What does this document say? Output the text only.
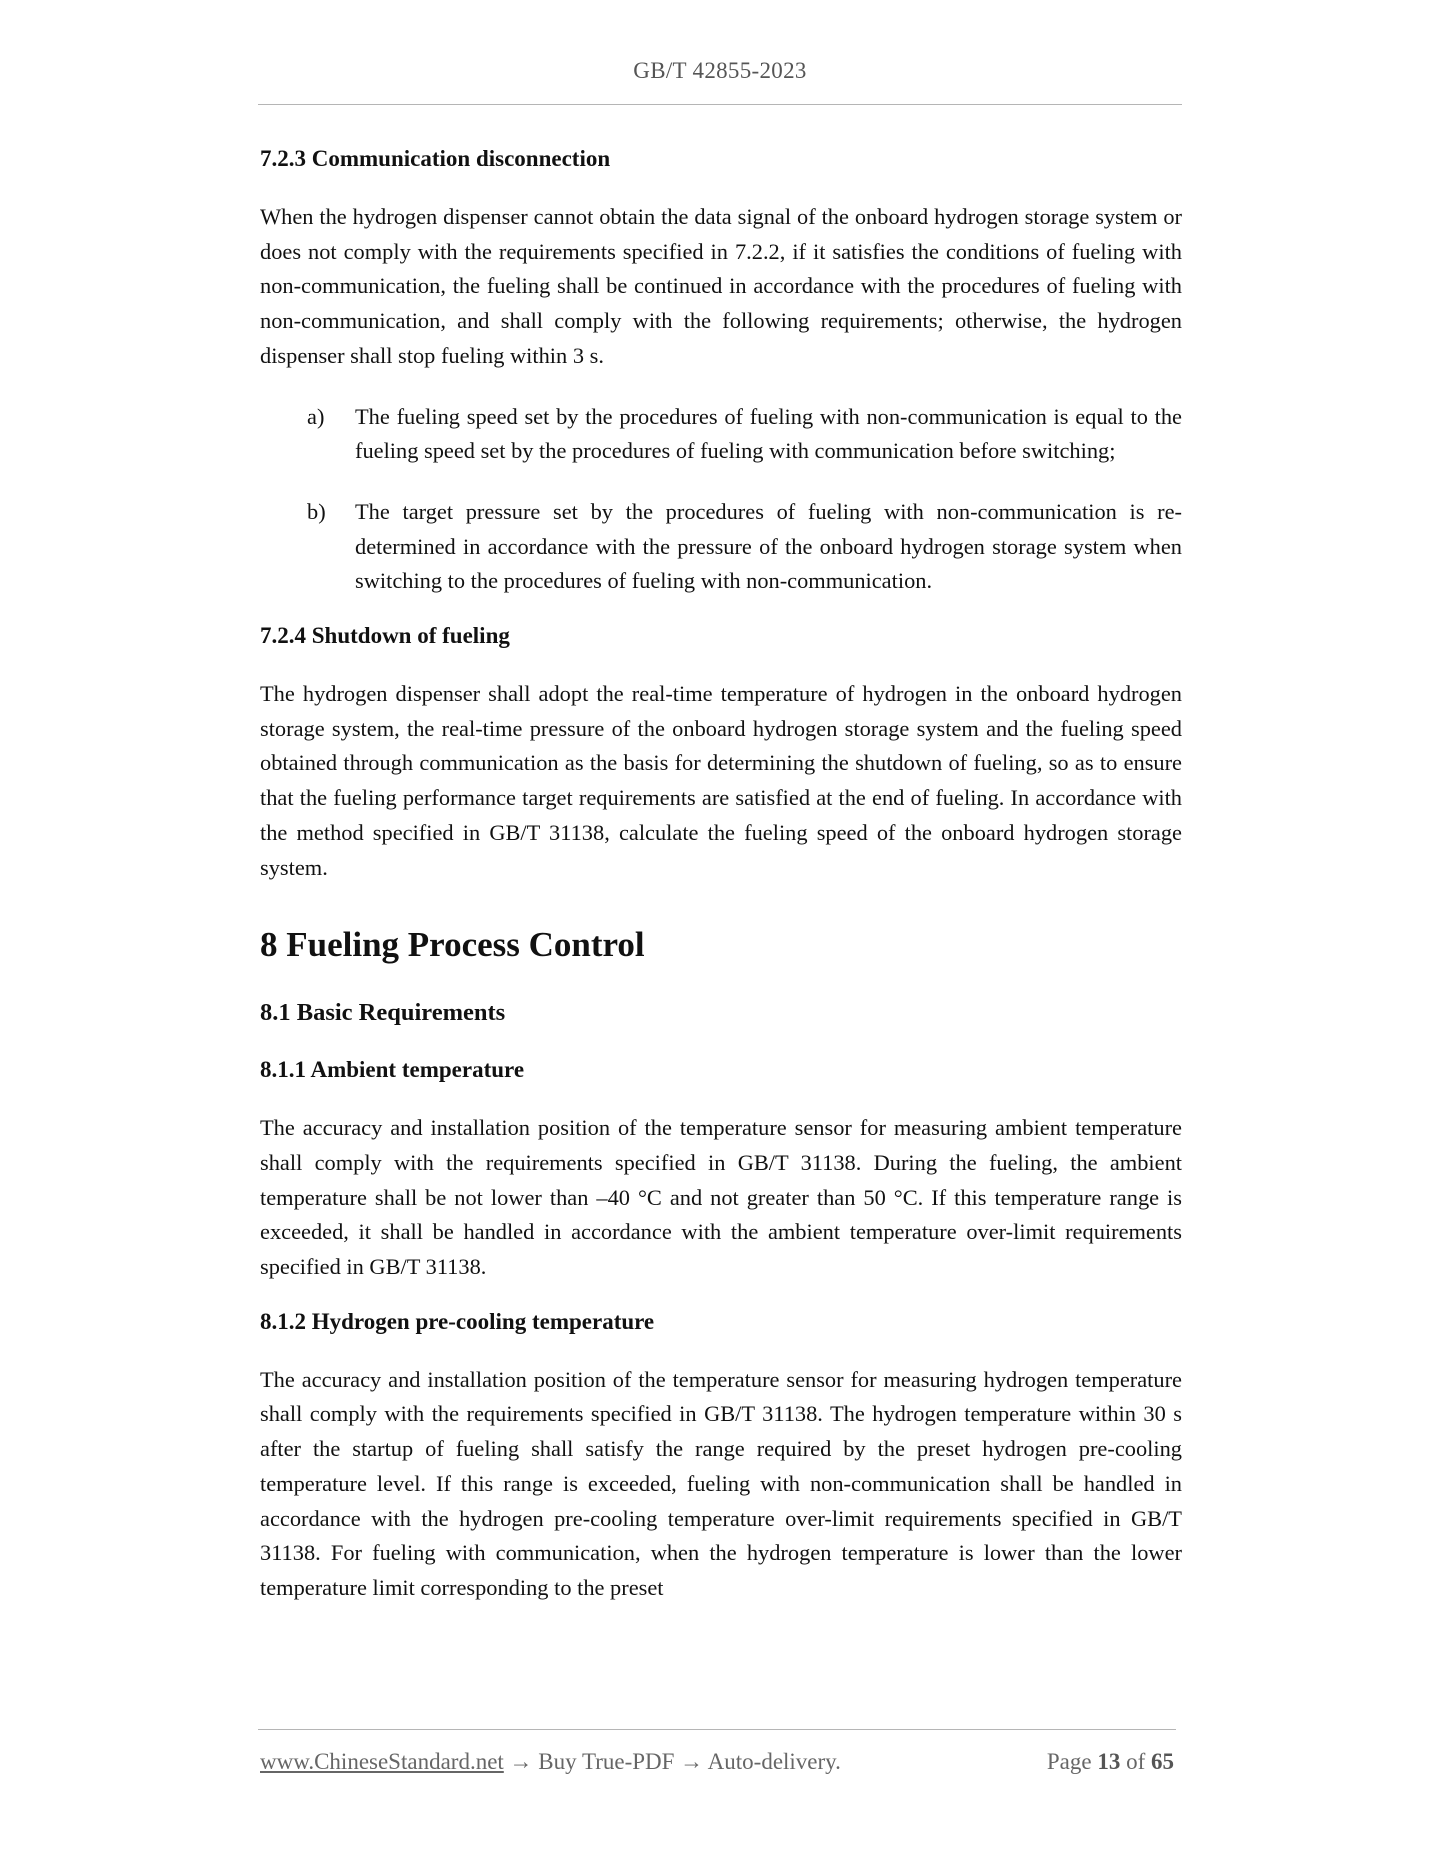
GB/T 42855-2023
7.2.3 Communication disconnection

When the hydrogen dispenser cannot obtain the data signal of the onboard hydrogen storage system or does not comply with the requirements specified in 7.2.2, if it satisfies the conditions of fueling with non-communication, the fueling shall be continued in accordance with the procedures of fueling with non-communication, and shall comply with the following requirements; otherwise, the hydrogen dispenser shall stop fueling within 3 s.

a) The fueling speed set by the procedures of fueling with non-communication is equal to the fueling speed set by the procedures of fueling with communication before switching;

b) The target pressure set by the procedures of fueling with non-communication is re-determined in accordance with the pressure of the onboard hydrogen storage system when switching to the procedures of fueling with non-communication.

7.2.4 Shutdown of fueling

The hydrogen dispenser shall adopt the real-time temperature of hydrogen in the onboard hydrogen storage system, the real-time pressure of the onboard hydrogen storage system and the fueling speed obtained through communication as the basis for determining the shutdown of fueling, so as to ensure that the fueling performance target requirements are satisfied at the end of fueling. In accordance with the method specified in GB/T 31138, calculate the fueling speed of the onboard hydrogen storage system.

8 Fueling Process Control
8.1 Basic Requirements
8.1.1 Ambient temperature

The accuracy and installation position of the temperature sensor for measuring ambient temperature shall comply with the requirements specified in GB/T 31138. During the fueling, the ambient temperature shall be not lower than –40 °C and not greater than 50 °C. If this temperature range is exceeded, it shall be handled in accordance with the ambient temperature over-limit requirements specified in GB/T 31138.

8.1.2 Hydrogen pre-cooling temperature

The accuracy and installation position of the temperature sensor for measuring hydrogen temperature shall comply with the requirements specified in GB/T 31138. The hydrogen temperature within 30 s after the startup of fueling shall satisfy the range required by the preset hydrogen pre-cooling temperature level. If this range is exceeded, fueling with non-communication shall be handled in accordance with the hydrogen pre-cooling temperature over-limit requirements specified in GB/T 31138. For fueling with communication, when the hydrogen temperature is lower than the lower temperature limit corresponding to the preset

www.ChineseStandard.net → Buy True-PDF → Auto-delivery.	Page 13 of 65
